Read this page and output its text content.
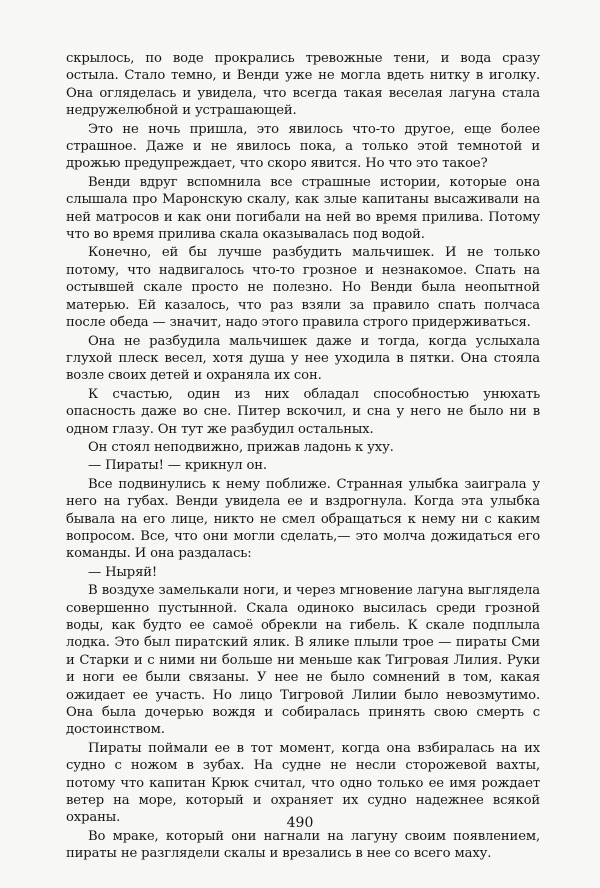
скрылось, по воде прокрались тревожные тени, и вода сразу остыла. Стало темно, и Венди уже не могла вдеть нитку в иголку. Она огляделась и увидела, что всегда такая веселая лагуна стала недружелюбной и устрашающей.

Это не ночь пришла, это явилось что-то другое, еще более страшное. Даже и не явилось пока, а только этой темнотой и дрожью предупреждает, что скоро явится. Но что это такое?

Венди вдруг вспомнила все страшные истории, которые она слышала про Маронскую скалу, как злые капитаны высаживали на ней матросов и как они погибали на ней во время прилива. Потому что во время прилива скала оказывалась под водой.

Конечно, ей бы лучше разбудить мальчишек. И не только потому, что надвигалось что-то грозное и незнакомое. Спать на остывшей скале просто не полезно. Но Венди была неопытной матерью. Ей казалось, что раз взяли за правило спать полчаса после обеда — значит, надо этого правила строго придерживаться.

Она не разбудила мальчишек даже и тогда, когда услыхала глухой плеск весел, хотя душа у нее уходила в пятки. Она стояла возле своих детей и охраняла их сон.

К счастью, один из них обладал способностью унюхать опасность даже во сне. Питер вскочил, и сна у него не было ни в одном глазу. Он тут же разбудил остальных.

Он стоял неподвижно, прижав ладонь к уху.

— Пираты! — крикнул он.

Все подвинулись к нему поближе. Странная улыбка заиграла у него на губах. Венди увидела ее и вздрогнула. Когда эта улыбка бывала на его лице, никто не смел обращаться к нему ни с каким вопросом. Все, что они могли сделать,— это молча дожидаться его команды. И она раздалась:

— Ныряй!

В воздухе замелькали ноги, и через мгновение лагуна выглядела совершенно пустынной. Скала одиноко высилась среди грозной воды, как будто ее самоё обрекли на гибель. К скале подплыла лодка. Это был пиратский ялик. В ялике плыли трое — пираты Сми и Старки и с ними ни больше ни меньше как Тигровая Лилия. Руки и ноги ее были связаны. У нее не было сомнений в том, какая ожидает ее участь. Но лицо Тигровой Лилии было невозмутимо. Она была дочерью вождя и собиралась принять свою смерть с достоинством.

Пираты поймали ее в тот момент, когда она взбиралась на их судно с ножом в зубах. На судне не несли сторожевой вахты, потому что капитан Крюк считал, что одно только ее имя рождает ветер на море, который и охраняет их судно надежнее всякой охраны.

Во мраке, который они нагнали на лагуну своим появлением, пираты не разглядели скалы и врезались в нее со всего маху.

490
